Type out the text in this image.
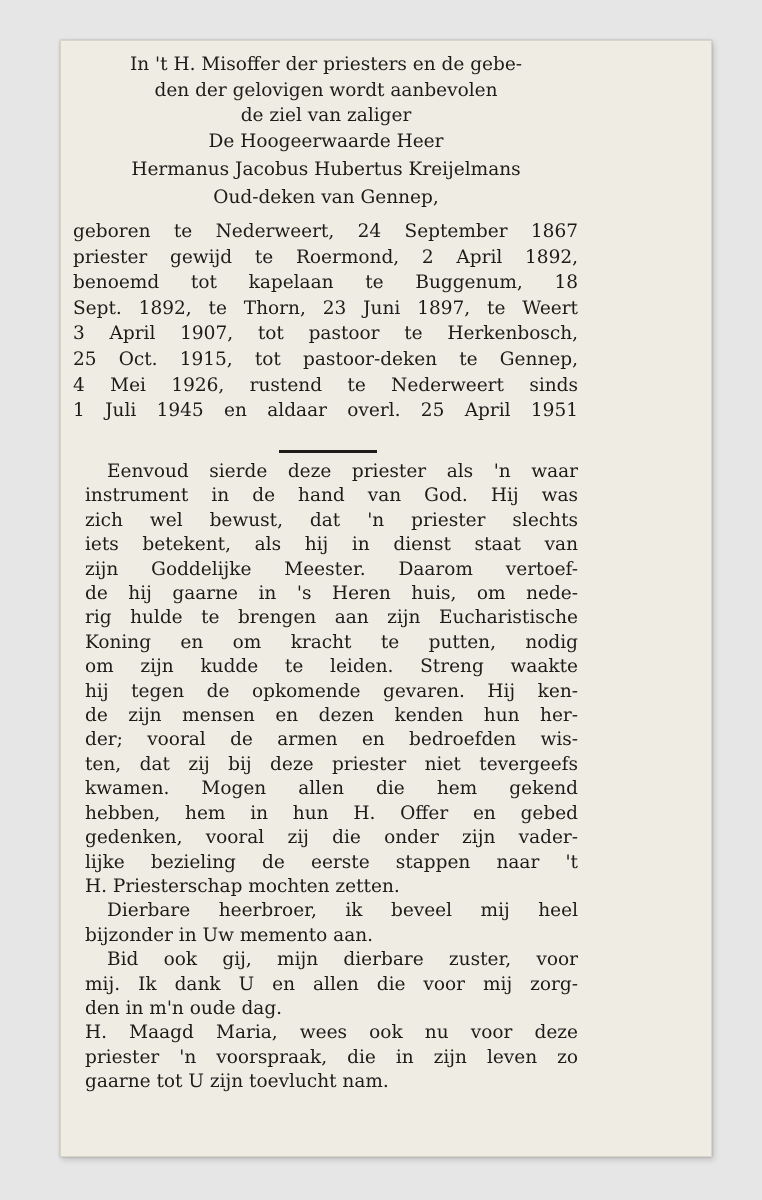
In 't H. Misoffer der priesters en de gebe-
den der gelovigen wordt aanbevolen
de ziel van zaliger
De Hoogeerwaarde Heer
Hermanus Jacobus Hubertus Kreijelmans
Oud-deken van Gennep,
geboren te Nederweert, 24 September 1867
priester gewijd te Roermond, 2 April 1892,
benoemd tot kapelaan te Buggenum, 18
Sept. 1892, te Thorn, 23 Juni 1897, te Weert
3 April 1907, tot pastoor te Herkenbosch,
25 Oct. 1915, tot pastoor-deken te Gennep,
4 Mei 1926, rustend te Nederweert sinds
1 Juli 1945 en aldaar overl. 25 April 1951
Eenvoud sierde deze priester als 'n waar
instrument in de hand van God. Hij was
zich wel bewust, dat 'n priester slechts
iets betekent, als hij in dienst staat van
zijn Goddelijke Meester. Daarom vertoef-
de hij gaarne in 's Heren huis, om nede-
rig hulde te brengen aan zijn Eucharistische
Koning en om kracht te putten, nodig
om zijn kudde te leiden. Streng waakte
hij tegen de opkomende gevaren. Hij ken-
de zijn mensen en dezen kenden hun her-
der; vooral de armen en bedroefden wis-
ten, dat zij bij deze priester niet tevergeefs
kwamen. Mogen allen die hem gekend
hebben, hem in hun H. Offer en gebed
gedenken, vooral zij die onder zijn vader-
lijke bezieling de eerste stappen naar 't
H. Priesterschap mochten zetten.
Dierbare heerbroer, ik beveel mij heel
bijzonder in Uw memento aan.
Bid ook gij, mijn dierbare zuster, voor
mij. Ik dank U en allen die voor mij zorg-
den in m'n oude dag.
H. Maagd Maria, wees ook nu voor deze
priester 'n voorspraak, die in zijn leven zo
gaarne tot U zijn toevlucht nam.
